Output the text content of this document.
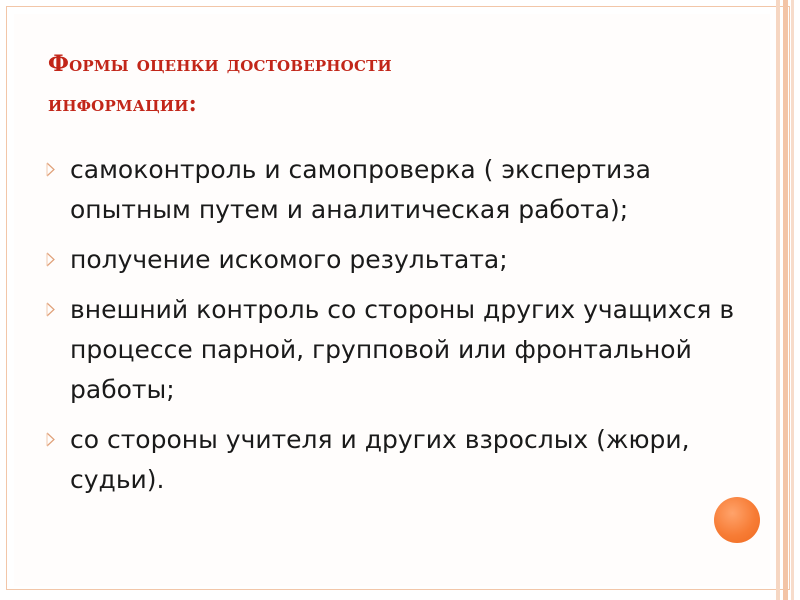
Формы оценки достоверности
информации:
самоконтроль и самопроверка ( экспертиза опытным путем и аналитическая работа);
получение искомого результата;
внешний контроль со стороны других учащихся в процессе парной, групповой или фронтальной работы;
со стороны учителя и других взрослых (жюри, судьи).
